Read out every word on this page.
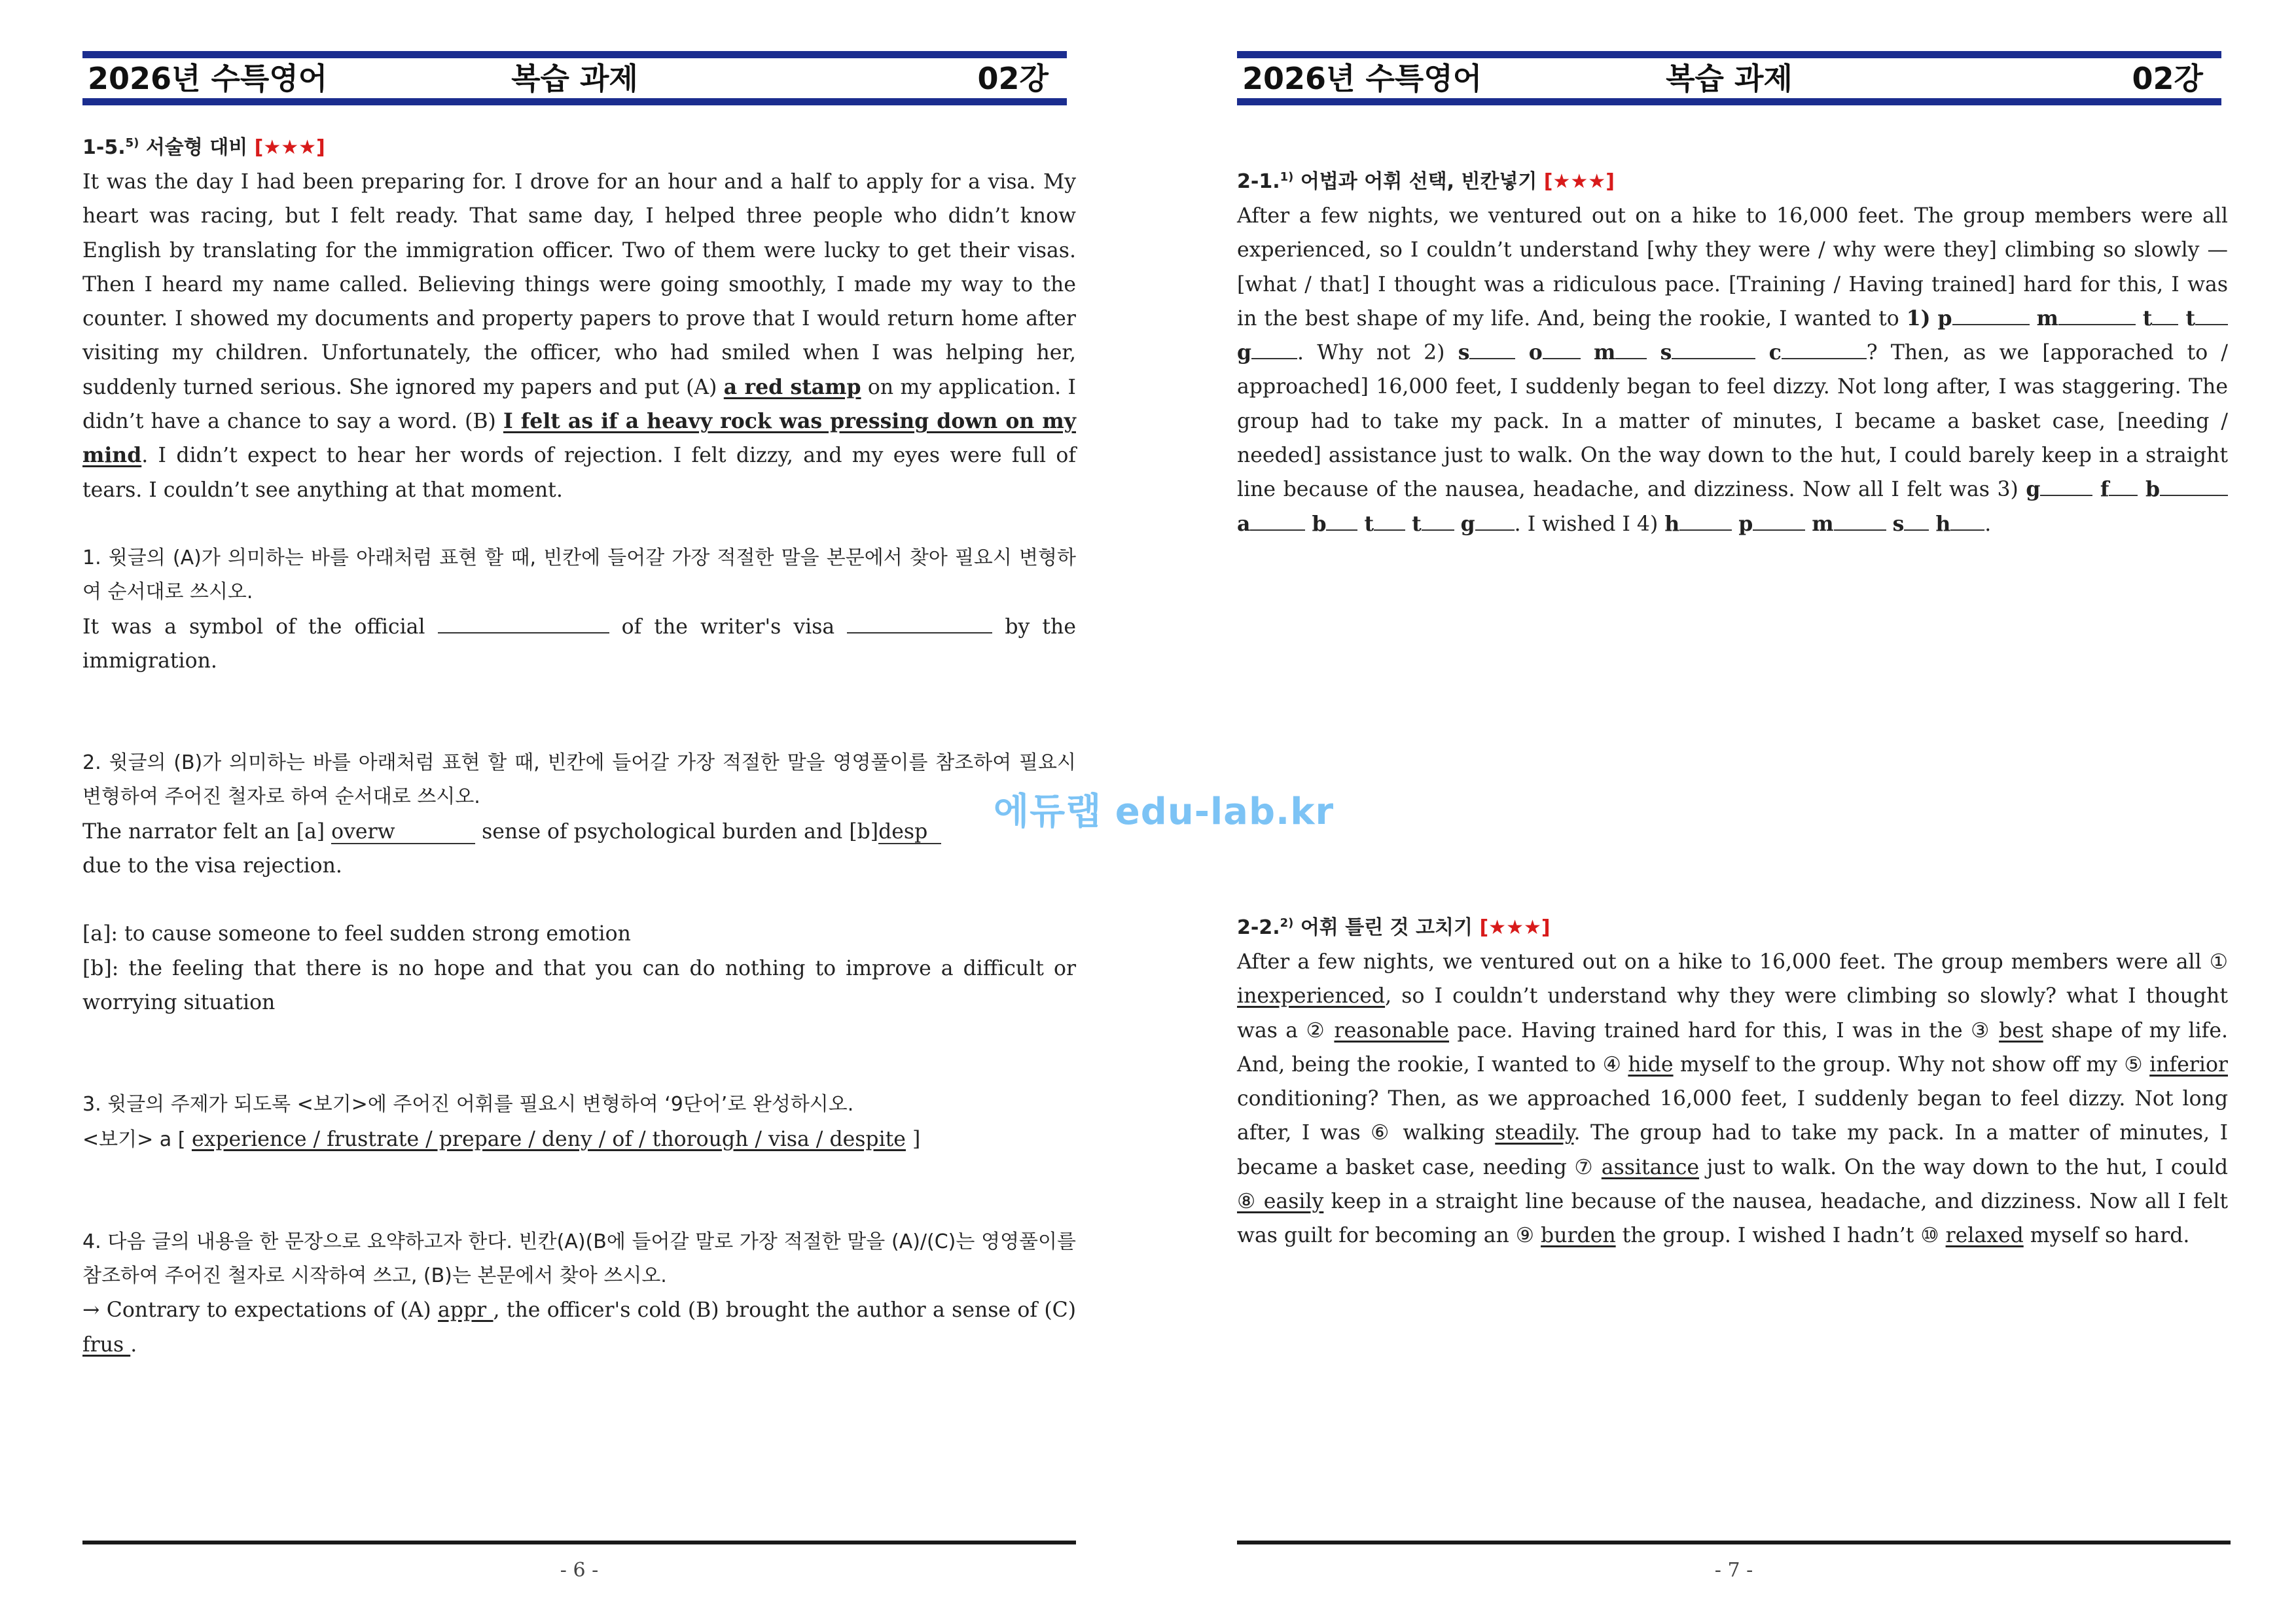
2026년 수특영어	복습 과제	02강

1-5.$^{5)}$ 서술형 대비 [★★★]

It was the day I had been preparing for. I drove for an hour and a half to apply for a visa. My heart was racing, but I felt ready. That same day, I helped three people who didn’t know English by translating for the immigration officer. Two of them were lucky to get their visas. Then I heard my name called. Believing things were going smoothly, I made my way to the counter. I showed my documents and property papers to prove that I would return home after visiting my children. Unfortunately, the officer, who had smiled when I was helping her, suddenly turned serious. She ignored my papers and put (A) a red stamp on my application. I didn’t have a chance to say a word. (B) I felt as if a heavy rock was pressing down on my mind. I didn’t expect to hear her words of rejection. I felt dizzy, and my eyes were full of tears. I couldn’t see anything at that moment.

1. 윗글의 (A)가 의미하는 바를 아래처럼 표현 할 때, 빈칸에 들어갈 가장 적절한 말을 본문에서 찾아 필요시 변형하여 순서대로 쓰시오.

It was a symbol of the official	of the writer's visa	by the immigration.

2. 윗글의 (B)가 의미하는 바를 아래처럼 표현 할 때, 빈칸에 들어갈 가장 적절한 말을 영영풀이를 참조하여 필요시 변형하여 주어진 철자로 하여 순서대로 쓰시오.

The narrator felt an [a] overw	sense of psychological burden and [b]desp
due to the visa rejection.

[a]: to cause someone to feel sudden strong emotion

[b]: the feeling that there is no hope and that you can do nothing to improve a difficult or worrying situation

3. 윗글의 주제가 되도록 <보기>에 주어진 어휘를 필요시 변형하여 ‘9단어’로 완성하시오.

<보기> a [ experience / frustrate / prepare / deny / of / thorough / visa / despite ]

4. 다음 글의 내용을 한 문장으로 요약하고자 한다. 빈칸(A)(B에 들어갈 말로 가장 적절한 말을 (A)/(C)는 영영풀이를 참조하여 주어진 철자로 시작하여 쓰고, (B)는 본문에서 찾아 쓰시오.

→ Contrary to expectations of (A) appr , the officer's cold (B) brought the author a sense of (C) frus .

- 6 -
2026년 수특영어	복습 과제	02강

2-1.$^{1)}$ 어법과 어휘 선택, 빈칸넣기 [★★★]

After a few nights, we ventured out on a hike to 16,000 feet. The group members were all experienced, so I couldn’t understand [why they were / why were they] climbing so slowly — [what / that] I thought was a ridiculous pace. [Training / Having trained] hard for this, I was in the best shape of my life. And, being the rookie, I wanted to 1) p	m	t t g . Why not 2) s	o m s	c	? Then, as we [apporached to / approached] 16,000 feet, I suddenly began to feel dizzy. Not long after, I was staggering. The group had to take my pack. In a matter of minutes, I became a basket case, [needing / needed] assistance just to walk. On the way down to the hut, I could barely keep in a straight line because of the nausea, headache, and dizziness. Now all I felt was 3) g	f b a	b t t g . I wished I 4) h	p	m	s h .

2-2.$^{2)}$ 어휘 틀린 것 고치기 [★★★]

After a few nights, we ventured out on a hike to 16,000 feet. The group members were all ① inexperienced, so I couldn’t understand why they were climbing so slowly? what I thought was a ② reasonable pace. Having trained hard for this, I was in the ③ best shape of my life. And, being the rookie, I wanted to ④ hide myself to the group. Why not show off my ⑤ inferior conditioning? Then, as we approached 16,000 feet, I suddenly began to feel dizzy. Not long after, I was ⑥ walking steadily. The group had to take my pack. In a matter of minutes, I became a basket case, needing ⑦ assitance just to walk. On the way down to the hut, I could ⑧ easily keep in a straight line because of the nausea, headache, and dizziness. Now all I felt was guilt for becoming an ⑨ burden the group. I wished I hadn’t ⑩ relaxed myself so hard.

- 7 -
에듀랩 edu-lab.kr
